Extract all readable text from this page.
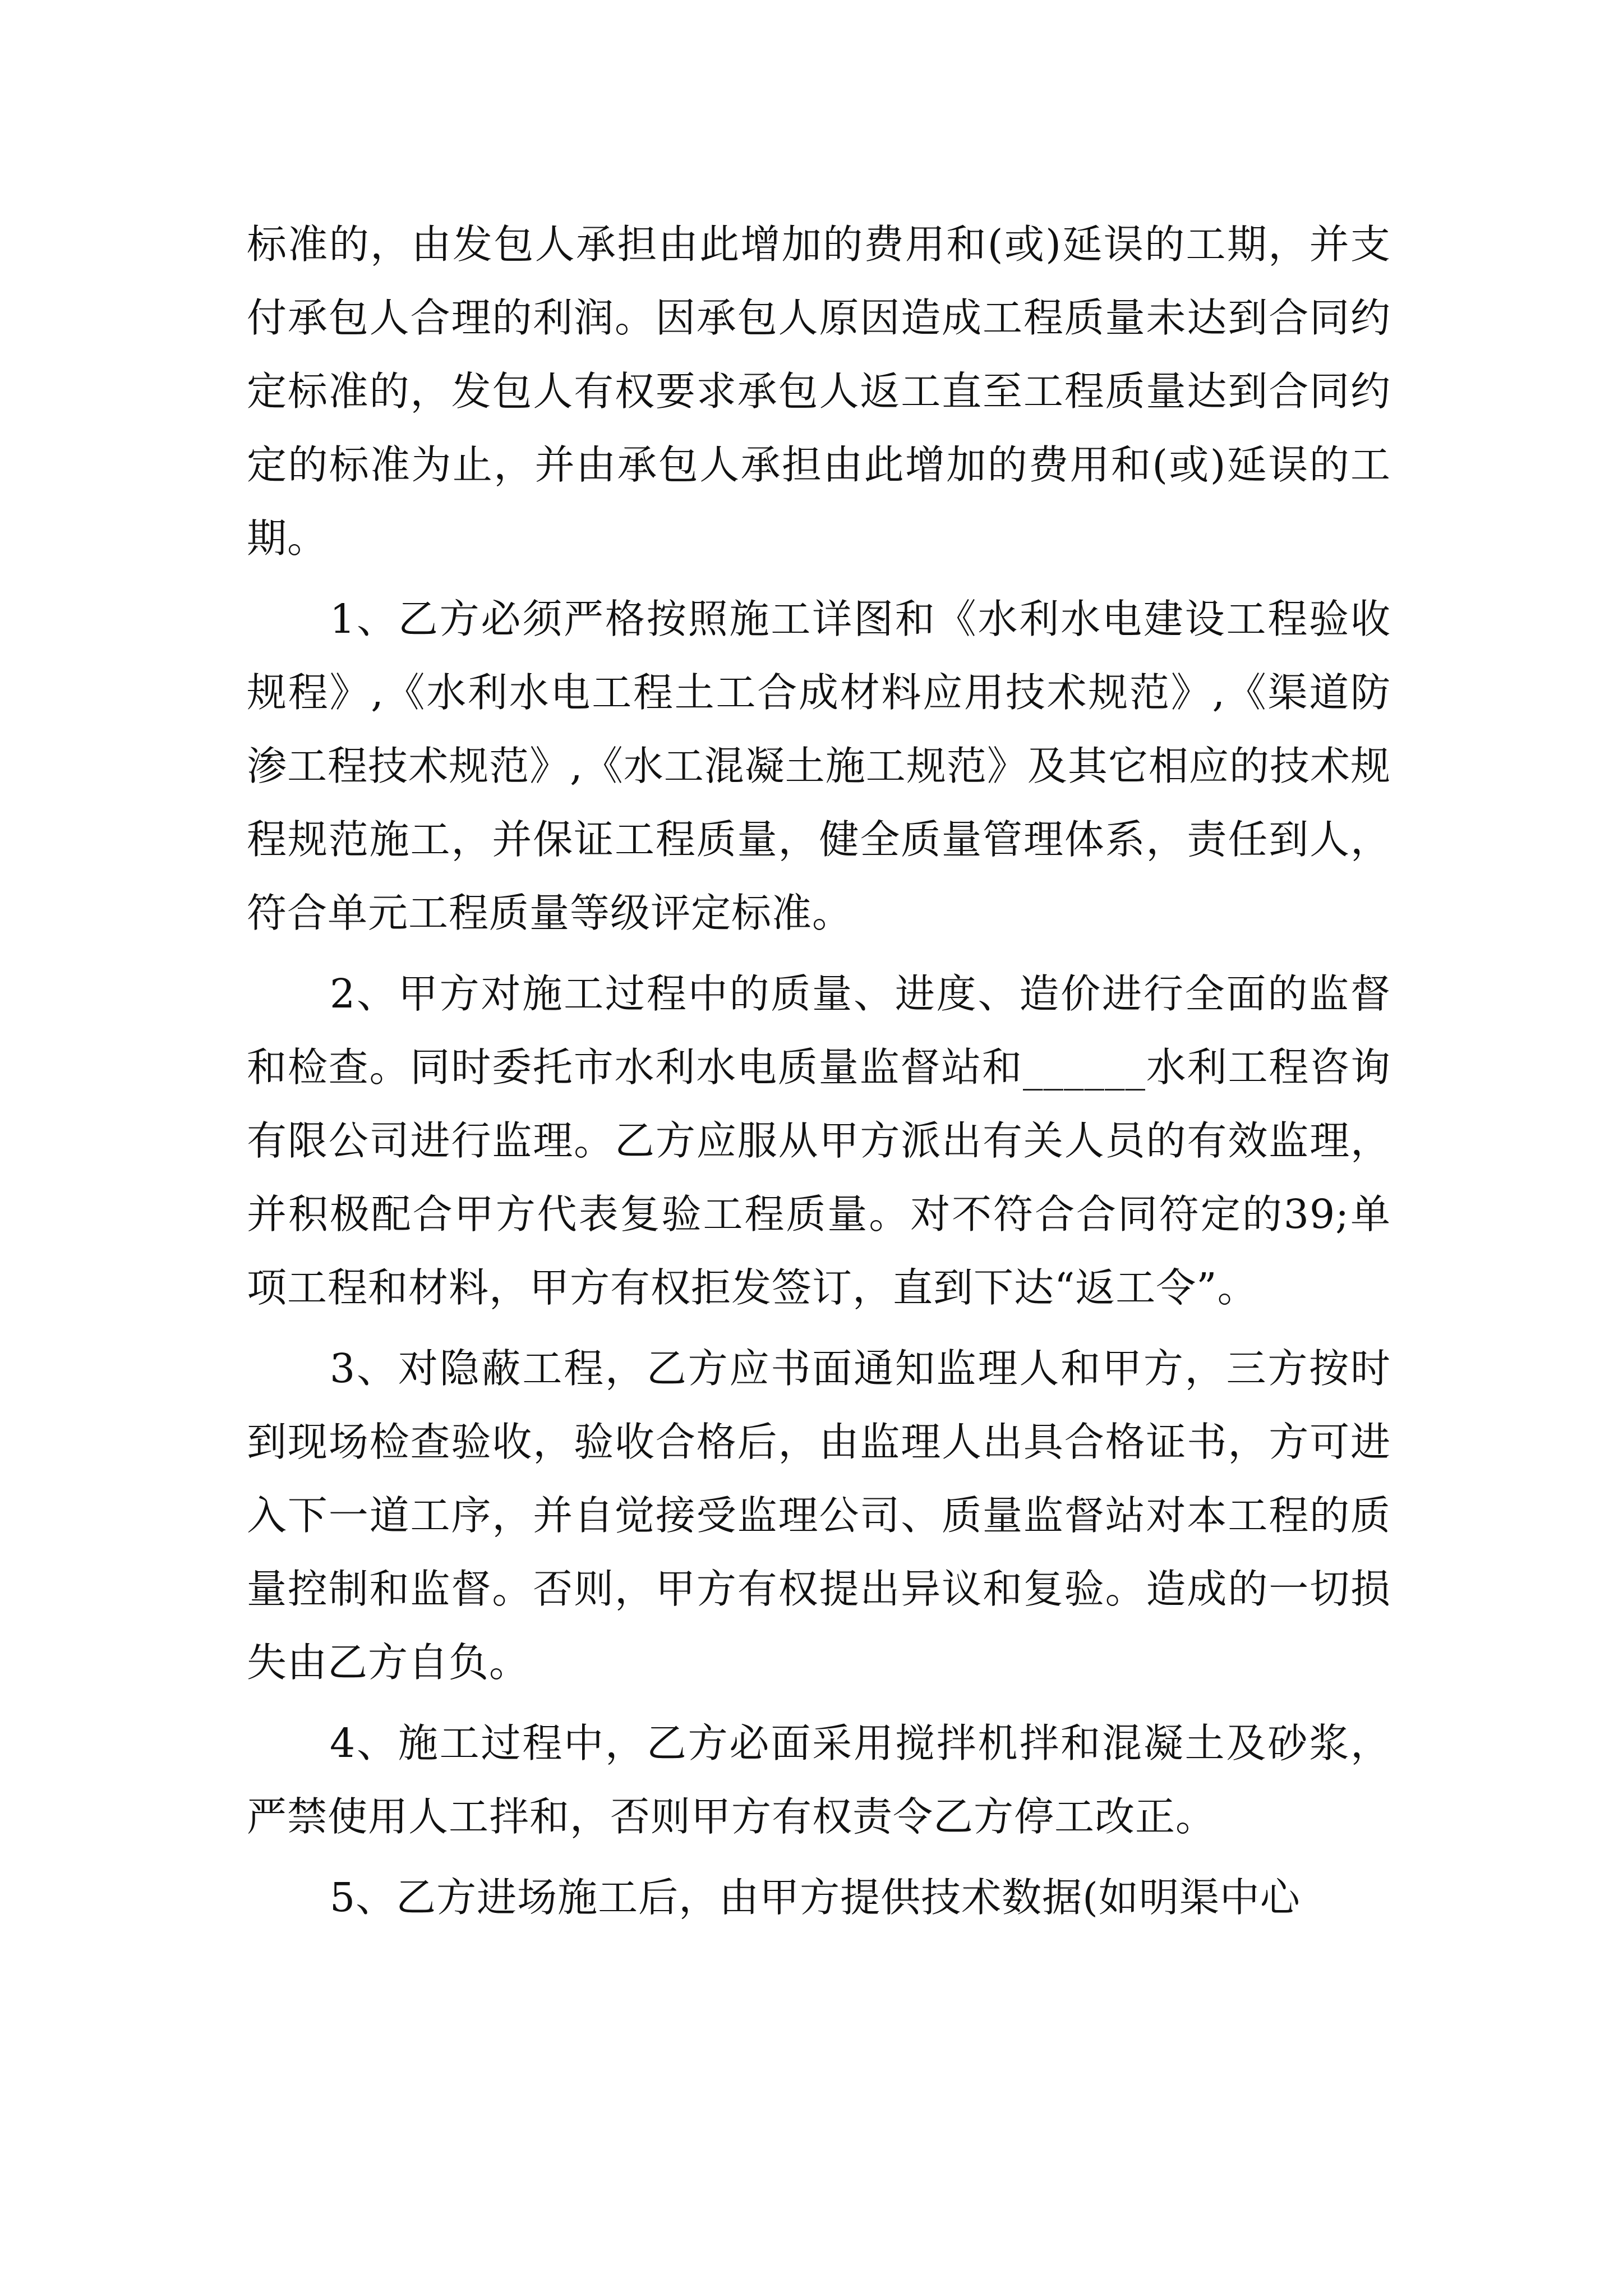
标准的，由发包人承担由此增加的费用和(或)延误的工期，并支付承包人合理的利润。因承包人原因造成工程质量未达到合同约定标准的，发包人有权要求承包人返工直至工程质量达到合同约定的标准为止，并由承包人承担由此增加的费用和(或)延误的工期。

1、乙方必须严格按照施工详图和《水利水电建设工程验收规程》,《水利水电工程土工合成材料应用技术规范》,《渠道防渗工程技术规范》,《水工混凝土施工规范》及其它相应的技术规程规范施工，并保证工程质量，健全质量管理体系，责任到人，符合单元工程质量等级评定标准。

2、甲方对施工过程中的质量、进度、造价进行全面的监督和检查。同时委托市水利水电质量监督站和______水利工程咨询有限公司进行监理。乙方应服从甲方派出有关人员的有效监理，并积极配合甲方代表复验工程质量。对不符合合同符定的39;单项工程和材料，甲方有权拒发签订，直到下达“返工令”。

3、对隐蔽工程，乙方应书面通知监理人和甲方，三方按时到现场检查验收，验收合格后，由监理人出具合格证书，方可进入下一道工序，并自觉接受监理公司、质量监督站对本工程的质量控制和监督。否则，甲方有权提出异议和复验。造成的一切损失由乙方自负。

4、施工过程中，乙方必面采用搅拌机拌和混凝土及砂浆，严禁使用人工拌和，否则甲方有权责令乙方停工改正。

5、乙方进场施工后，由甲方提供技术数据(如明渠中心
